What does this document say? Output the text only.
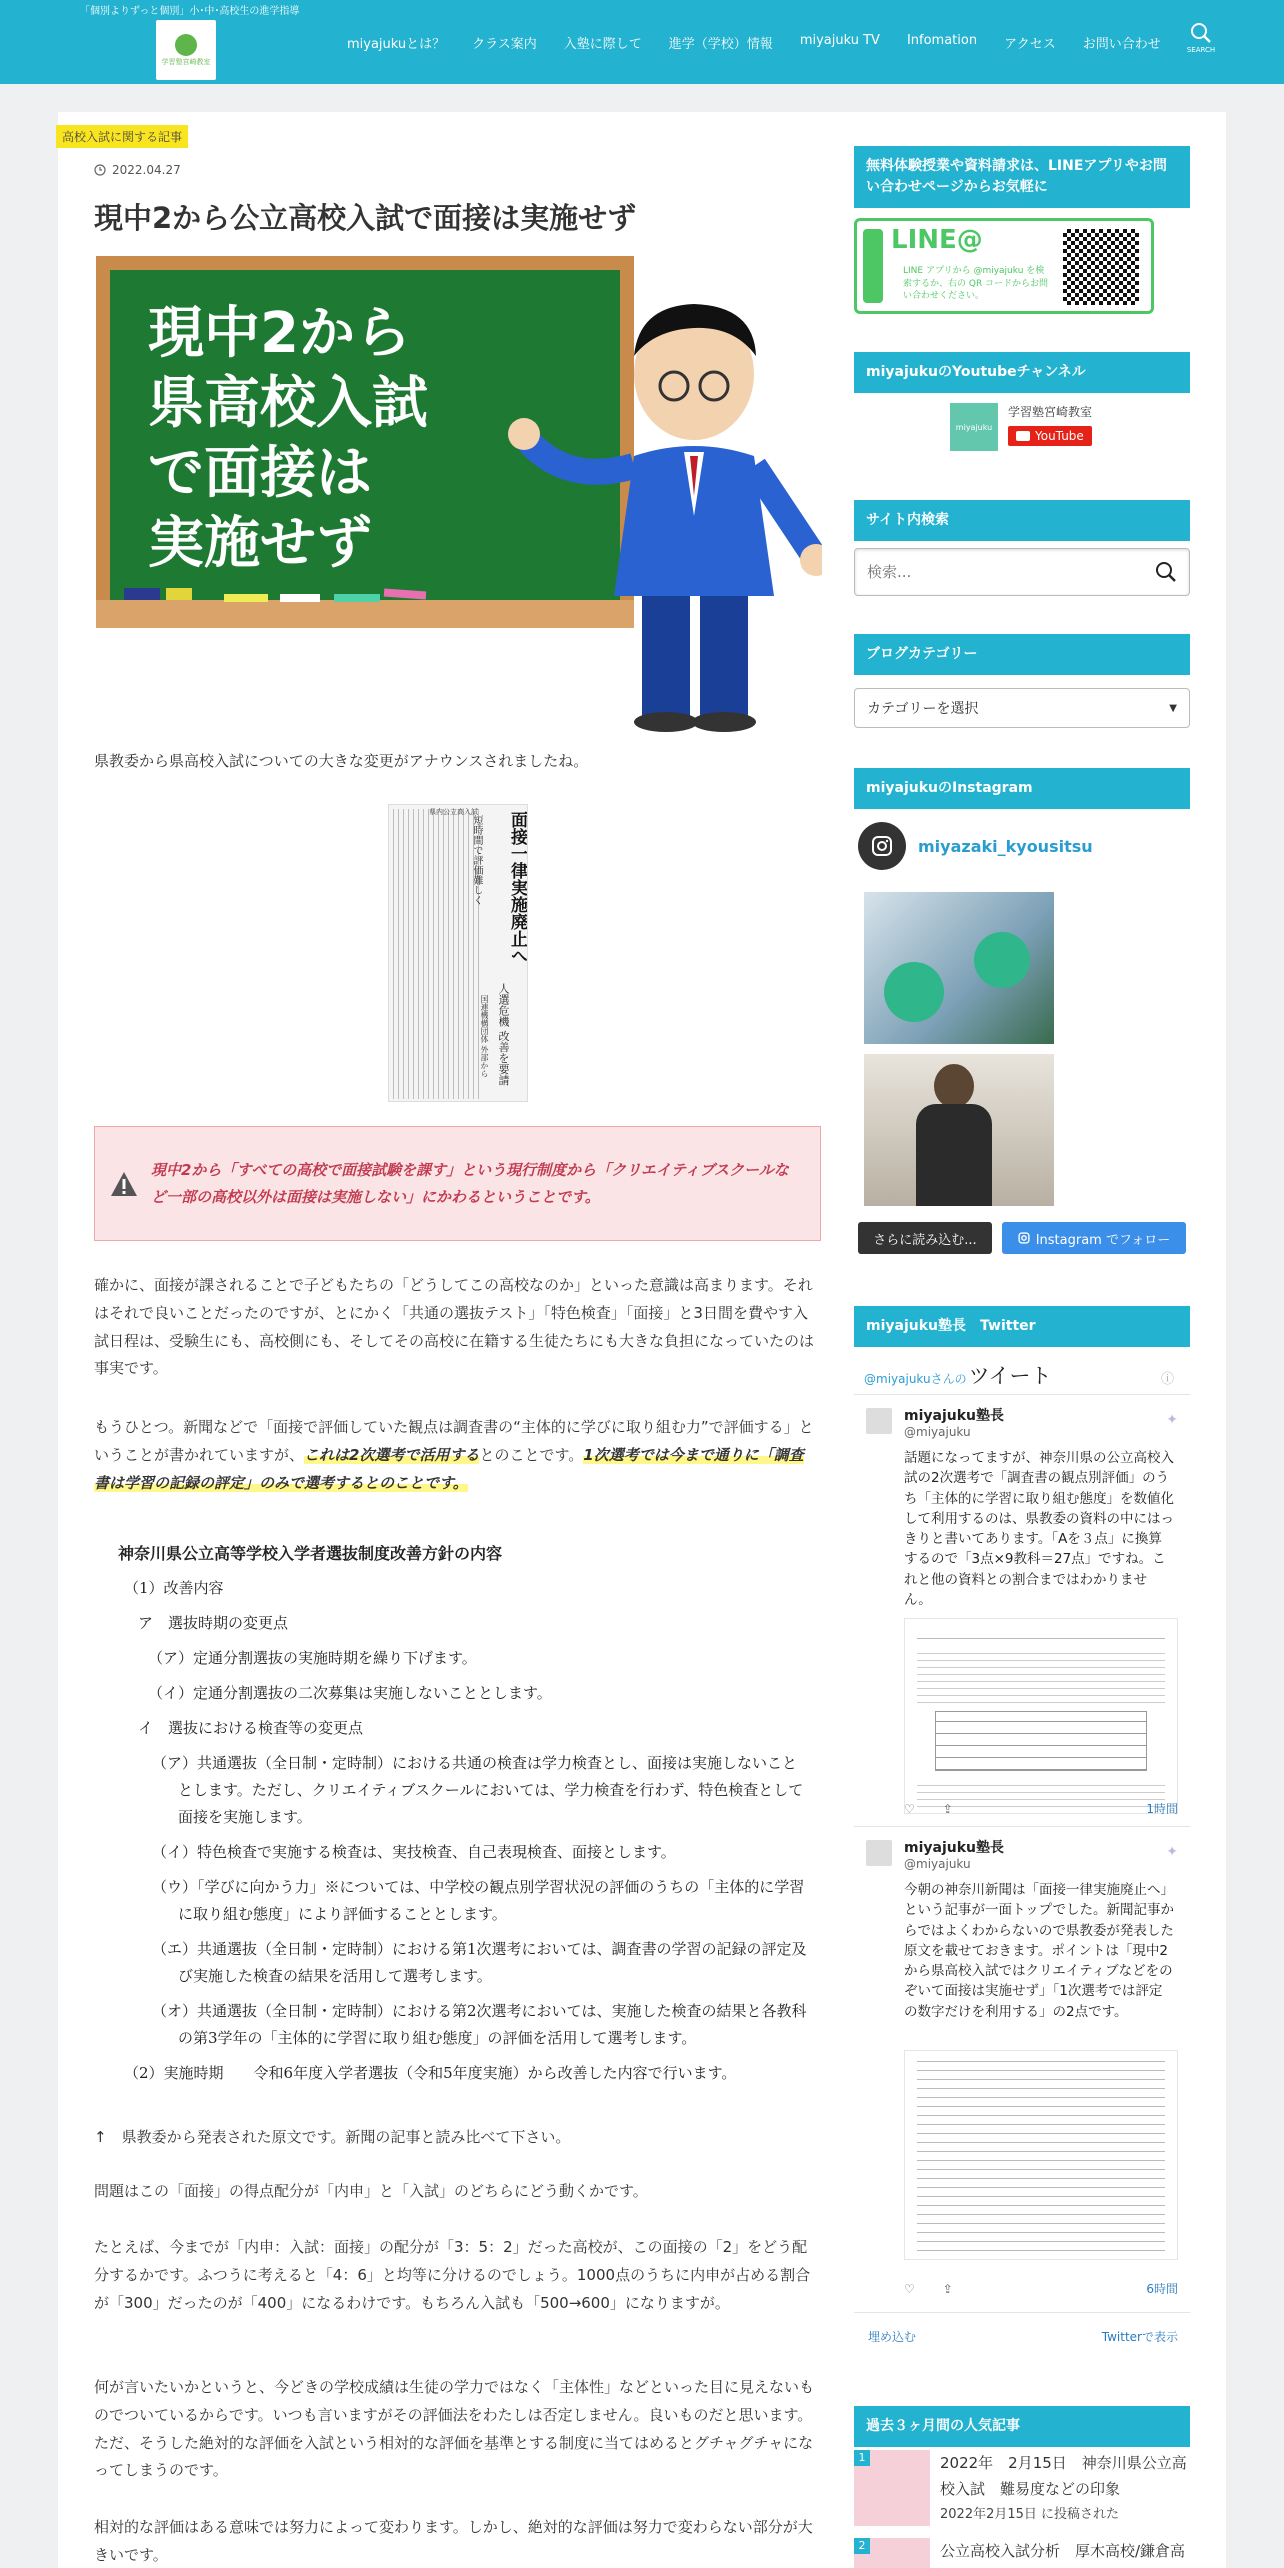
「個別よりずっと個別」小･中･高校生の進学指導
学習塾宮崎教室
miyajukuとは？ クラス案内 入塾に際して 進学（学校）情報 miyajuku TV Infomation アクセス お問い合わせ	SEARCH
高校入試に関する記事
2022.04.27
現中2から公立高校入試で面接は実施せず
現中2から
県高校入試
で面接は
実施せず

県教委から県高校入試についての大きな変更がアナウンスされましたね。

面接一律実施廃止へ
短時間で評価難しく
県内公立高入試
人選危機 改善を要請
国連機構団体 外部から

現中2から「すべての高校で面接試験を課す」という現行制度から「クリエイティブスクールなど一部の高校以外は面接は実施しない」にかわるということです。

確かに、面接が課されることで子どもたちの「どうしてこの高校なのか」といった意識は高まります。それはそれで良いことだったのですが、とにかく「共通の選抜テスト」「特色検査」「面接」と3日間を費やす入試日程は、受験生にも、高校側にも、そしてその高校に在籍する生徒たちにも大きな負担になっていたのは事実です。

もうひとつ。新聞などで「面接で評価していた観点は調査書の“主体的に学びに取り組む力”で評価する」ということが書かれていますが、これは2次選考で活用するとのことです。1次選考では今まで通りに「調査書は学習の記録の評定」のみで選考するとのことです。

神奈川県公立高等学校入学者選抜制度改善方針の内容
（1）改善内容
ア　選抜時期の変更点
（ア）定通分割選抜の実施時期を繰り下げます。
（イ）定通分割選抜の二次募集は実施しないこととします。
イ　選抜における検査等の変更点
（ア）共通選抜（全日制・定時制）における共通の検査は学力検査とし、面接は実施しないこととします。ただし、クリエイティブスクールにおいては、学力検査を行わず、特色検査として面接を実施します。
（イ）特色検査で実施する検査は、実技検査、自己表現検査、面接とします。
（ウ）「学びに向かう力」※については、中学校の観点別学習状況の評価のうちの「主体的に学習に取り組む態度」により評価することとします。
（エ）共通選抜（全日制・定時制）における第1次選考においては、調査書の学習の記録の評定及び実施した検査の結果を活用して選考します。
（オ）共通選抜（全日制・定時制）における第2次選考においては、実施した検査の結果と各教科の第3学年の「主体的に学習に取り組む態度」の評価を活用して選考します。
（2）実施時期　　令和6年度入学者選抜（令和5年度実施）から改善した内容で行います。

↑　県教委から発表された原文です。新聞の記事と読み比べて下さい。

問題はこの「面接」の得点配分が「内申」と「入試」のどちらにどう動くかです。

たとえば、今までが「内申：入試：面接」の配分が「3：5：2」だった高校が、この面接の「2」をどう配分するかです。ふつうに考えると「4：6」と均等に分けるのでしょう。1000点のうちに内申が占める割合が「300」だったのが「400」になるわけです。もちろん入試も「500→600」になりますが。

何が言いたいかというと、今どきの学校成績は生徒の学力ではなく「主体性」などといった目に見えないものでついているからです。いつも言いますがその評価法をわたしは否定しません。良いものだと思います。ただ、そうした絶対的な評価を入試という相対的な評価を基準とする制度に当てはめるとグチャグチャになってしまうのです。

相対的な評価はある意味では努力によって変わります。しかし、絶対的な評価は努力で変わらない部分が大きいです。

無料体験授業や資料請求は、LINEアプリやお問い合わせページからお気軽に
LINE@
LINE アプリから @miyajuku を検索するか、右の QR コードからお問い合わせください。
miyajukuのYoutubeチャンネル
miyajuku
学習塾宮崎教室
YouTube
サイト内検索
検索...
ブログカテゴリー
カテゴリーを選択	▼
miyajukuのInstagram
miyazaki_kyousitsu
さらに読み込む...	Instagram でフォロー
miyajuku塾長　Twitter
@miyajukuさんの ツイート	ⓘ
miyajuku塾長
@miyajuku
✦
話題になってますが、神奈川県の公立高校入試の2次選考で「調査書の観点別評価」のうち「主体的に学習に取り組む態度」を数値化して利用するのは、県教委の資料の中にはっきりと書いてあります。「Aを３点」に換算するので「3点×9教科＝27点」ですね。これと他の資料との割合まではわかりません。
♡ ⇪	1時間
miyajuku塾長
@miyajuku
✦
今朝の神奈川新聞は「面接一律実施廃止へ」という記事が一面トップでした。新聞記事からではよくわからないので県教委が発表した原文を載せておきます。ポイントは「現中2から県高校入試ではクリエイティブなどをのぞいて面接は実施せず」「1次選考では評定の数字だけを利用する」の2点です。
♡ ⇪	6時間
埋め込む	Twitterで表示
過去３ヶ月間の人気記事
1	2022年　2月15日　神奈川県公立高校入試　難易度などの印象
2022年2月15日 に投稿された
2	公立高校入試分析　厚木高校/鎌倉高
